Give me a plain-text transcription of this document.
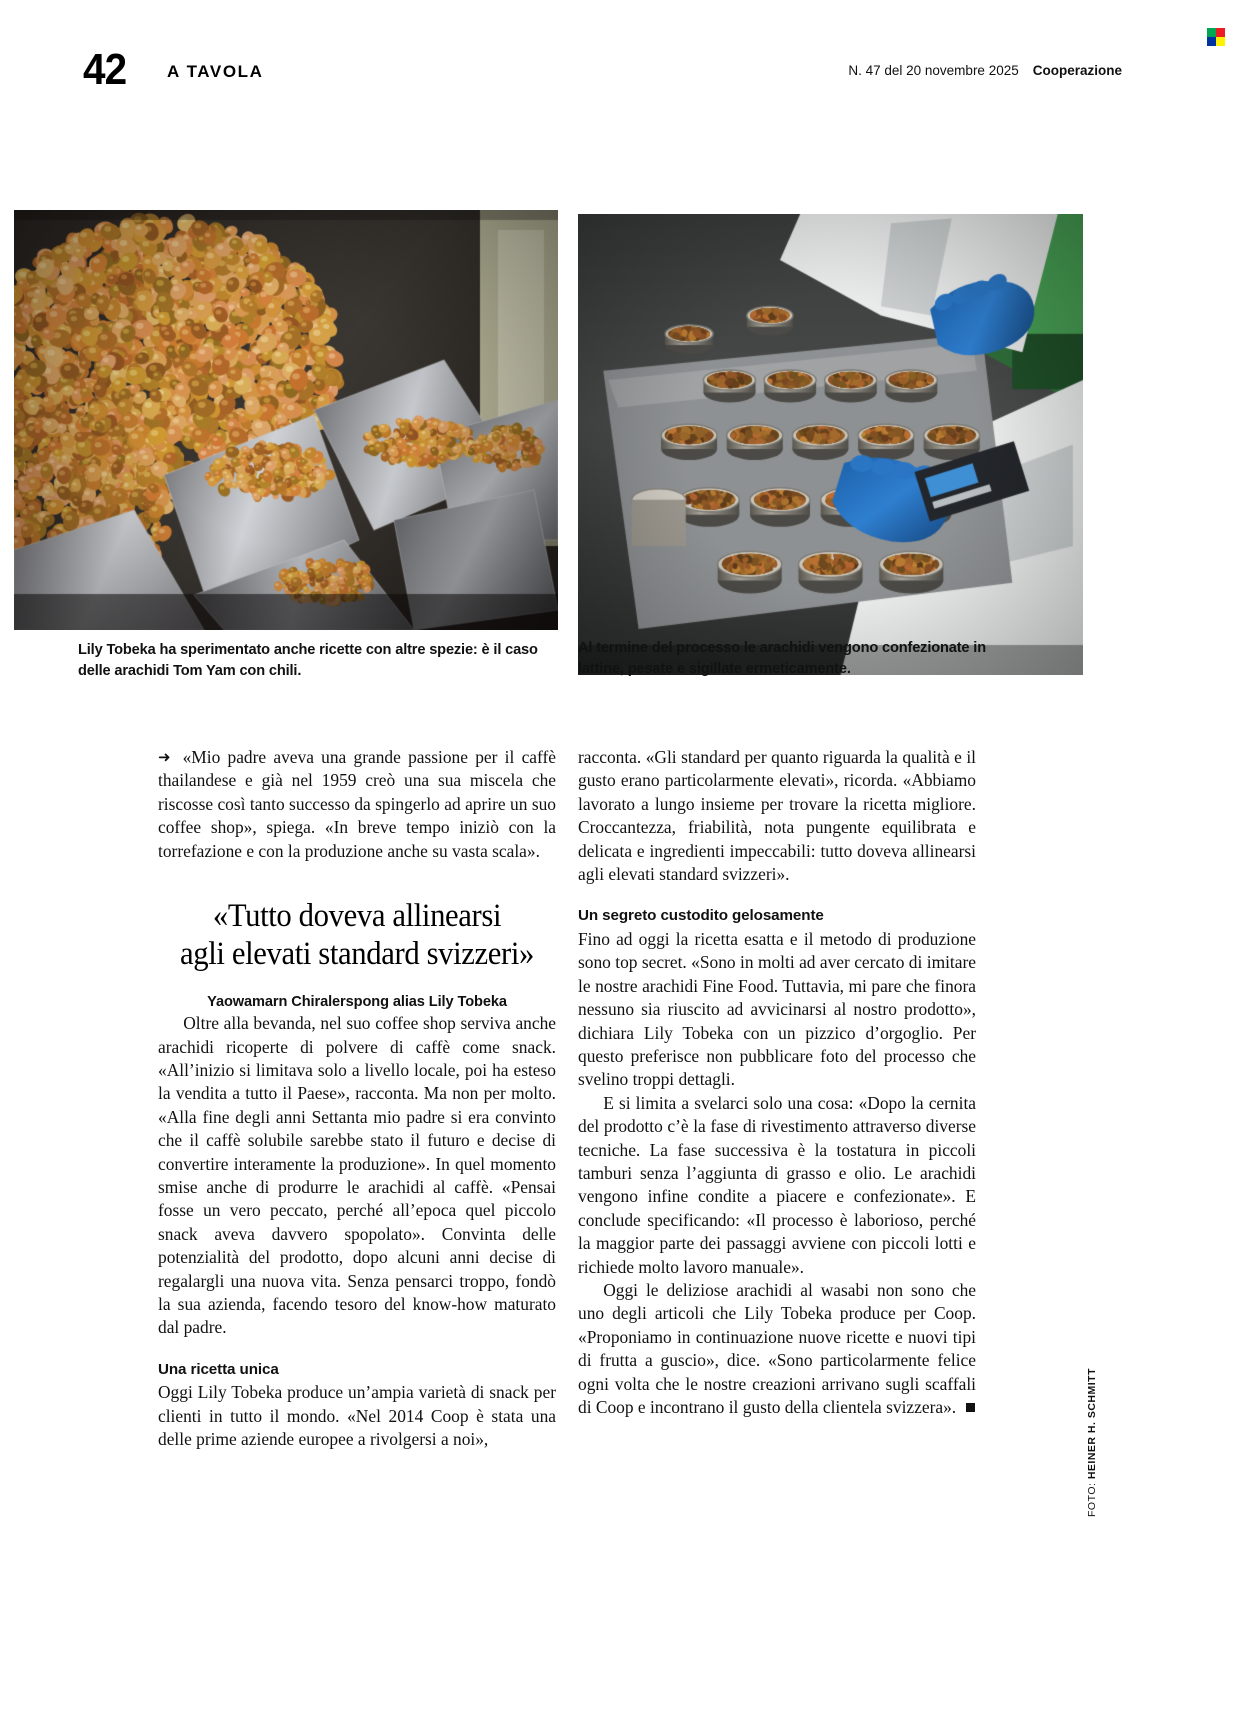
42 A TAVOLA	N. 47 del 20 novembre 2025 Cooperazione
Lily Tobeka ha sperimentato anche ricette con altre spezie: è il caso delle arachidi Tom Yam con chili.
Al termine del processo le arachidi vengono confezionate in lattine, pesate e sigillate ermeticamente.

➜ «Mio padre aveva una grande passione per il caffè thailandese e già nel 1959 creò una sua miscela che riscosse così tanto successo da spingerlo ad aprire un suo coffee shop», spiega. «In breve tempo iniziò con la torrefazione e con la produzione anche su vasta scala».

«Tutto doveva allinearsi
agli elevati standard svizzeri»
Yaowamarn Chiralerspong alias Lily Tobeka

Oltre alla bevanda, nel suo coffee shop serviva anche arachidi ricoperte di polvere di caffè come snack. «All’inizio si limitava solo a livello locale, poi ha esteso la vendita a tutto il Paese», racconta. Ma non per molto. «Alla fine degli anni Settanta mio padre si era convinto che il caffè solubile sarebbe stato il futuro e decise di convertire interamente la produzione». In quel momento smise anche di produrre le arachidi al caffè. «Pensai fosse un vero peccato, perché all’epoca quel piccolo snack aveva davvero spopolato». Convinta delle potenzialità del prodotto, dopo alcuni anni decise di regalargli una nuova vita. Senza pensarci troppo, fondò la sua azienda, facendo tesoro del know-how maturato dal padre.

Una ricetta unica

Oggi Lily Tobeka produce un’ampia varietà di snack per clienti in tutto il mondo. «Nel 2014 Coop è stata una delle prime aziende europee a rivolgersi a noi»,

racconta. «Gli standard per quanto riguarda la qualità e il gusto erano particolarmente elevati», ricorda. «Abbiamo lavorato a lungo insieme per trovare la ricetta migliore. Croccantezza, friabilità, nota pungente equilibrata e delicata e ingredienti impeccabili: tutto doveva allinearsi agli elevati standard svizzeri».

Un segreto custodito gelosamente

Fino ad oggi la ricetta esatta e il metodo di produzione sono top secret. «Sono in molti ad aver cercato di imitare le nostre arachidi Fine Food. Tuttavia, mi pare che finora nessuno sia riuscito ad avvicinarsi al nostro prodotto», dichiara Lily Tobeka con un pizzico d’orgoglio. Per questo preferisce non pubblicare foto del processo che svelino troppi dettagli.

E si limita a svelarci solo una cosa: «Dopo la cernita del prodotto c’è la fase di rivestimento attraverso diverse tecniche. La fase successiva è la tostatura in piccoli tamburi senza l’aggiunta di grasso e olio. Le arachidi vengono infine condite a piacere e confezionate». E conclude specificando: «Il processo è laborioso, perché la maggior parte dei passaggi avviene con piccoli lotti e richiede molto lavoro manuale».

Oggi le deliziose arachidi al wasabi non sono che uno degli articoli che Lily Tobeka produce per Coop. «Proponiamo in continuazione nuove ricette e nuovi tipi di frutta a guscio», dice. «Sono particolarmente felice ogni volta che le nostre creazioni arrivano sugli scaffali di Coop e incontrano il gusto della clientela svizzera».

FOTO: HEINER H. SCHMITT
